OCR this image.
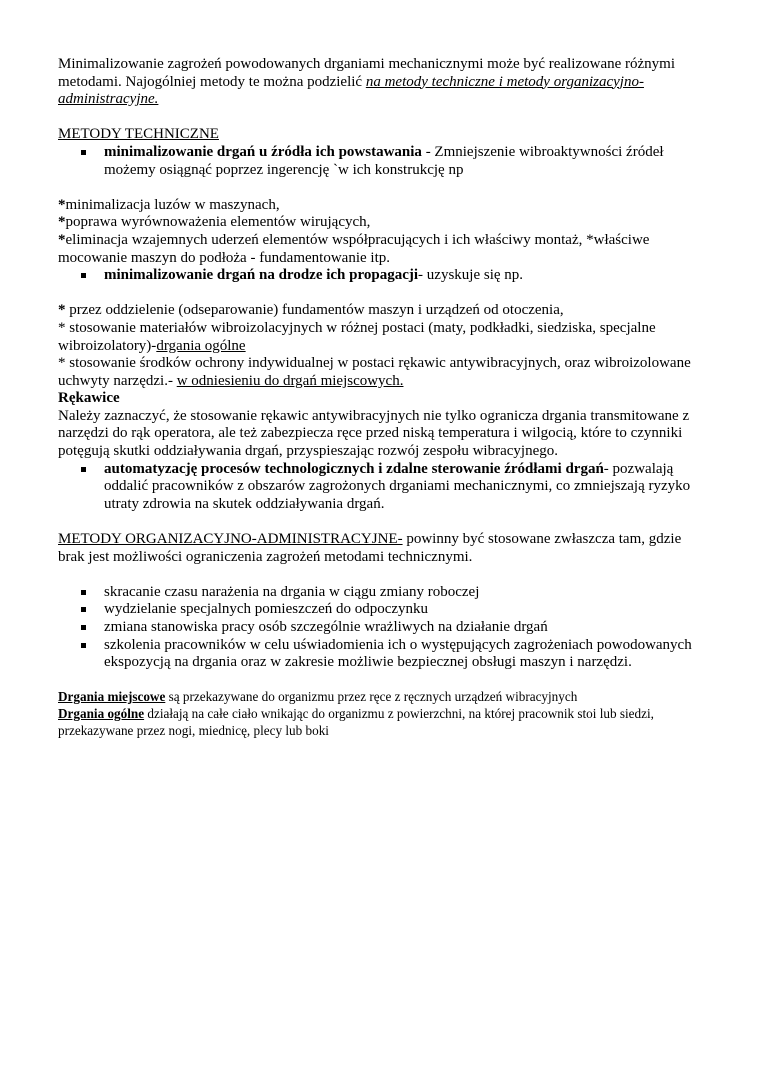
Minimalizowanie zagrożeń powodowanych drganiami mechanicznymi może być realizowane różnymi metodami. Najogólniej metody te można podzielić na metody techniczne i metody organizacyjno-administracyjne.

METODY TECHNICZNE

minimalizowanie drgań u źródła ich powstawania - Zmniejszenie wibroaktywności źródeł możemy osiągnąć poprzez ingerencję `w ich konstrukcję np

*minimalizacja luzów w maszynach,

*poprawa wyrównoważenia elementów wirujących,

*eliminacja wzajemnych uderzeń elementów współpracujących i ich właściwy montaż, *właściwe mocowanie maszyn do podłoża - fundamentowanie itp.

minimalizowanie drgań na drodze ich propagacji- uzyskuje się np.

* przez oddzielenie (odseparowanie) fundamentów maszyn i urządzeń od otoczenia,

* stosowanie materiałów wibroizolacyjnych w różnej postaci (maty, podkładki, siedziska, specjalne wibroizolatory)-drgania ogólne

* stosowanie środków ochrony indywidualnej w postaci rękawic antywibracyjnych, oraz wibroizolowane uchwyty narzędzi.- w odniesieniu do drgań miejscowych.

Rękawice

Należy zaznaczyć, że stosowanie rękawic antywibracyjnych nie tylko ogranicza drgania transmitowane z narzędzi do rąk operatora, ale też zabezpiecza ręce przed niską temperatura i wilgocią, które to czynniki potęgują skutki oddziaływania drgań, przyspieszając rozwój zespołu wibracyjnego.

automatyzację procesów technologicznych i zdalne sterowanie źródłami drgań- pozwalają oddalić pracowników z obszarów zagrożonych drganiami mechanicznymi, co zmniejszają ryzyko utraty zdrowia na skutek oddziaływania drgań.

METODY ORGANIZACYJNO-ADMINISTRACYJNE- powinny być stosowane zwłaszcza tam, gdzie brak jest możliwości ograniczenia zagrożeń metodami technicznymi.

skracanie czasu narażenia na drgania w ciągu zmiany roboczej
wydzielanie specjalnych pomieszczeń do odpoczynku
zmiana stanowiska pracy osób szczególnie wrażliwych na działanie drgań
szkolenia pracowników w celu uświadomienia ich o występujących zagrożeniach powodowanych ekspozycją na drgania oraz w zakresie możliwie bezpiecznej obsługi maszyn i narzędzi.

Drgania miejscowe są przekazywane do organizmu przez ręce z ręcznych urządzeń wibracyjnych

Drgania ogólne działają na całe ciało wnikając do organizmu z powierzchni, na której pracownik stoi lub siedzi, przekazywane przez nogi, miednicę, plecy lub boki
